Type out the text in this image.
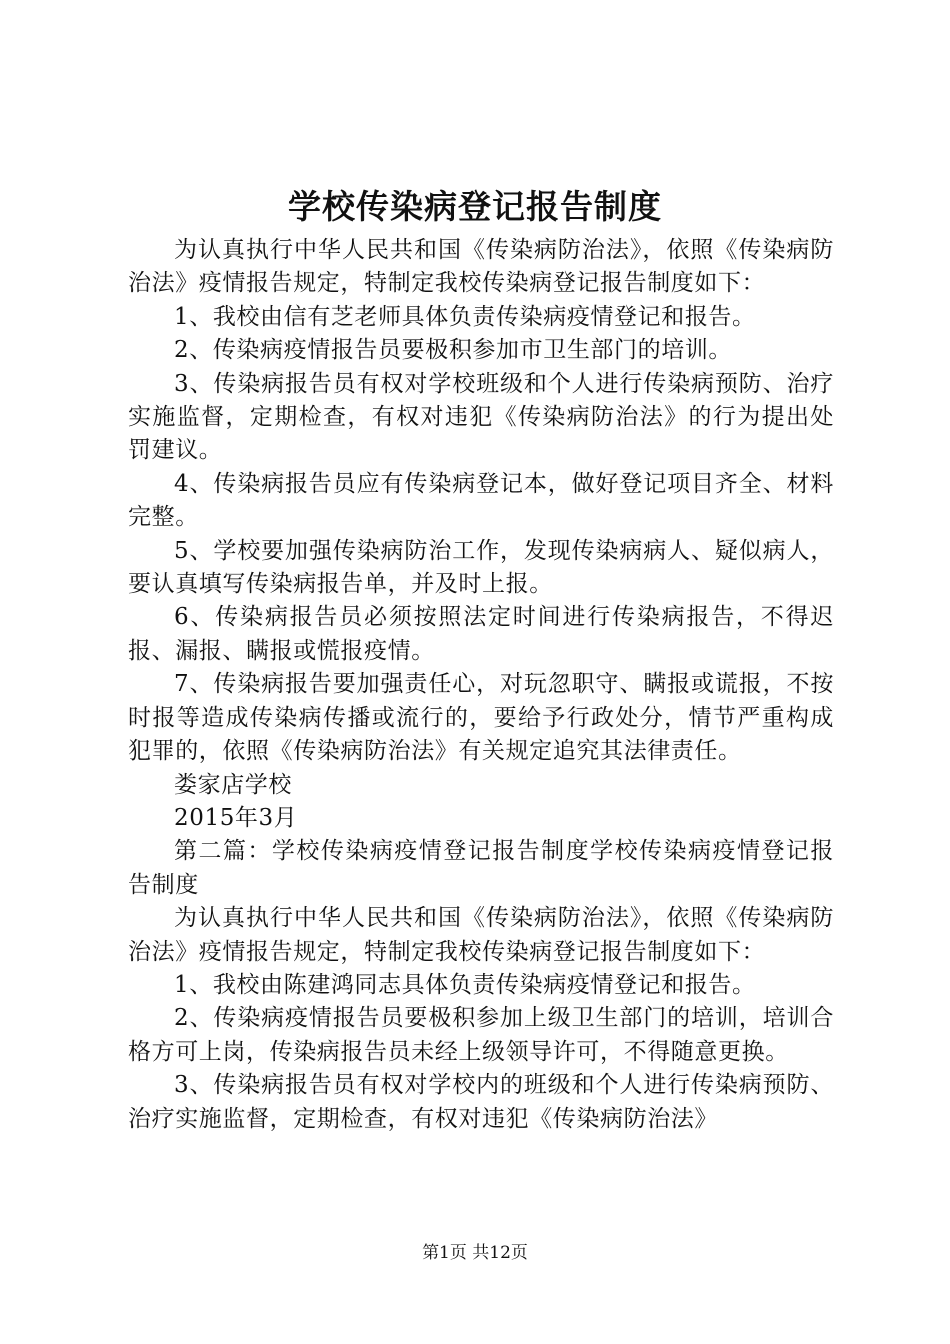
学校传染病登记报告制度

为认真执行中华人民共和国《传染病防治法》，依照《传染病防治法》疫情报告规定，特制定我校传染病登记报告制度如下：

1、我校由信有芝老师具体负责传染病疫情登记和报告。

2、传染病疫情报告员要极积参加市卫生部门的培训。

3、传染病报告员有权对学校班级和个人进行传染病预防、治疗实施监督，定期检查，有权对违犯《传染病防治法》的行为提出处罚建议。

4、传染病报告员应有传染病登记本，做好登记项目齐全、材料完整。

5、学校要加强传染病防治工作，发现传染病病人、疑似病人，要认真填写传染病报告单，并及时上报。

6、传染病报告员必须按照法定时间进行传染病报告，不得迟报、漏报、瞒报或慌报疫情。

7、传染病报告要加强责任心，对玩忽职守、瞒报或谎报，不按时报等造成传染病传播或流行的，要给予行政处分，情节严重构成犯罪的，依照《传染病防治法》有关规定追究其法律责任。

娄家店学校

2015年3月

第二篇：学校传染病疫情登记报告制度学校传染病疫情登记报告制度

为认真执行中华人民共和国《传染病防治法》，依照《传染病防治法》疫情报告规定，特制定我校传染病登记报告制度如下：

1、我校由陈建鸿同志具体负责传染病疫情登记和报告。

2、传染病疫情报告员要极积参加上级卫生部门的培训，培训合格方可上岗，传染病报告员未经上级领导许可，不得随意更换。

3、传染病报告员有权对学校内的班级和个人进行传染病预防、治疗实施监督，定期检查，有权对违犯《传染病防治法》

第1页 共12页
